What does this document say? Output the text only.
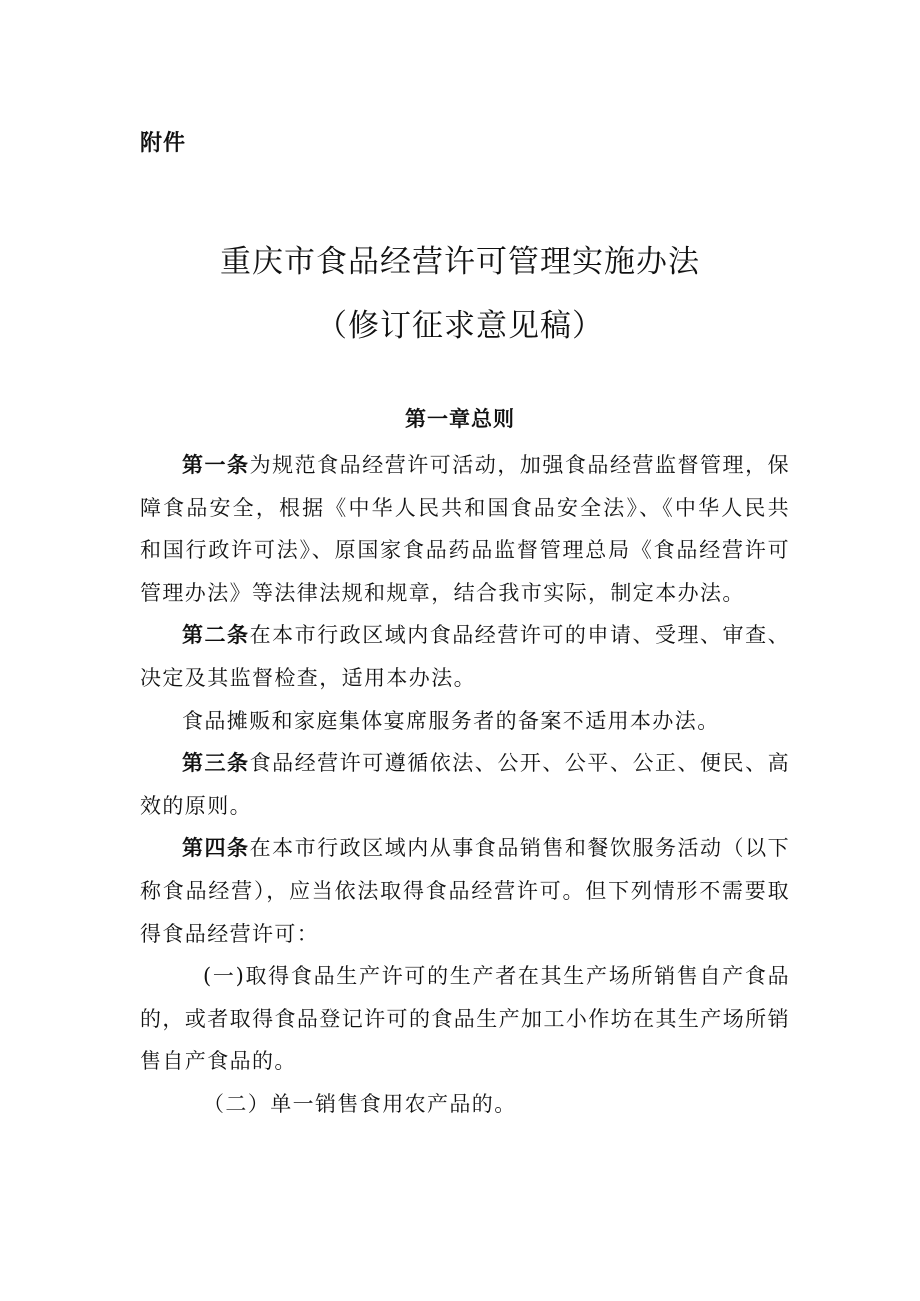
附件
重庆市食品经营许可管理实施办法
（修订征求意见稿）
第一章总则

第一条为规范食品经营许可活动，加强食品经营监督管理，保障食品安全，根据《中华人民共和国食品安全法》、《中华人民共和国行政许可法》、原国家食品药品监督管理总局《食品经营许可管理办法》等法律法规和规章，结合我市实际，制定本办法。

第二条在本市行政区域内食品经营许可的申请、受理、审查、决定及其监督检查，适用本办法。

食品摊贩和家庭集体宴席服务者的备案不适用本办法。

第三条食品经营许可遵循依法、公开、公平、公正、便民、高效的原则。

第四条在本市行政区域内从事食品销售和餐饮服务活动（以下称食品经营），应当依法取得食品经营许可。但下列情形不需要取得食品经营许可：

(一)取得食品生产许可的生产者在其生产场所销售自产食品的，或者取得食品登记许可的食品生产加工小作坊在其生产场所销售自产食品的。

（二）单一销售食用农产品的。
